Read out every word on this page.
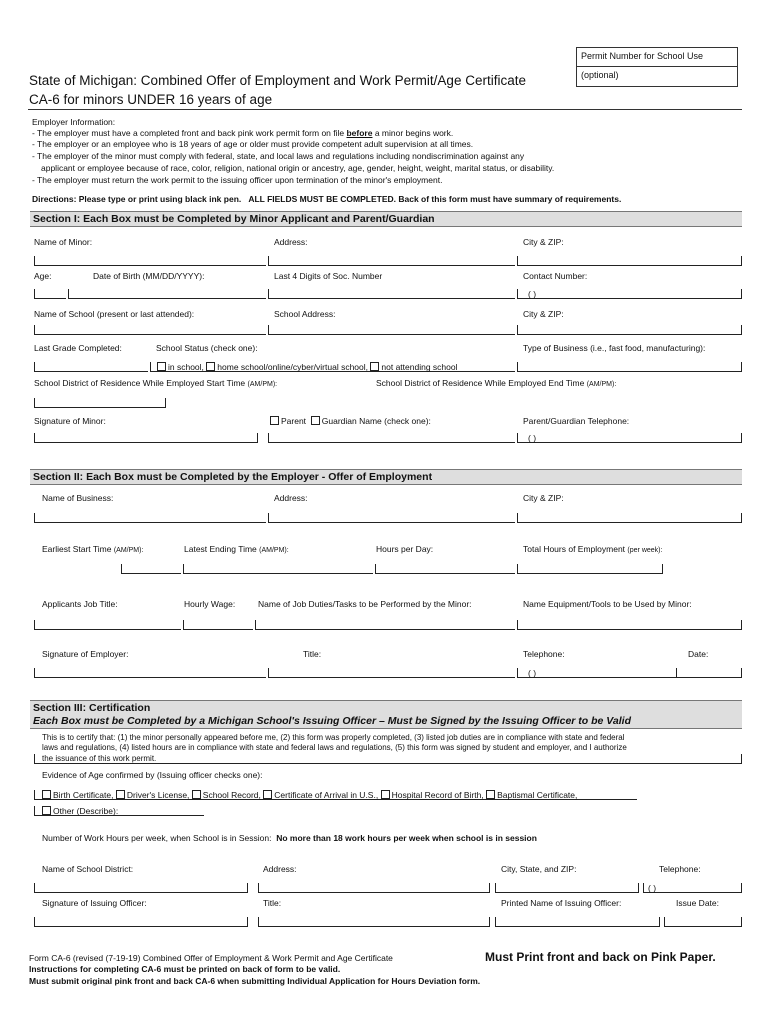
Permit Number for School Use
(optional)
State of Michigan: Combined Offer of Employment and Work Permit/Age Certificate
CA-6 for minors UNDER 16 years of age
Employer Information:
- The employer must have a completed front and back pink work permit form on file before a minor begins work.
- The employer or an employee who is 18 years of age or older must provide competent adult supervision at all times.
- The employer of the minor must comply with federal, state, and local laws and regulations including nondiscrimination against any
applicant or employee because of race, color, religion, national origin or ancestry, age, gender, height, weight, marital status, or disability.
- The employer must return the work permit to the issuing officer upon termination of the minor's employment.
Directions: Please type or print using black ink pen. ALL FIELDS MUST BE COMPLETED. Back of this form must have summary of requirements.
Section I: Each Box must be Completed by Minor Applicant and Parent/Guardian
Name of Minor:	Address:	City & ZIP:
Age:	Date of Birth (MM/DD/YYYY):	Last 4 Digits of Soc. Number	Contact Number:
( )
Name of School (present or last attended):	School Address:	City & ZIP:
Last Grade Completed:	School Status (check one):	Type of Business (i.e., fast food, manufacturing):
in school, home school/online/cyber/virtual school, not attending school
School District of Residence While Employed Start Time (AM/PM):	School District of Residence While Employed End Time (AM/PM):
Signature of Minor:	Parent Guardian Name (check one):	Parent/Guardian Telephone:
( )
Section II: Each Box must be Completed by the Employer - Offer of Employment
Name of Business:	Address:	City & ZIP:
Earliest Start Time (AM/PM):	Latest Ending Time (AM/PM):	Hours per Day:	Total Hours of Employment (per week):
Applicants Job Title:	Hourly Wage:	Name of Job Duties/Tasks to be Performed by the Minor:	Name Equipment/Tools to be Used by Minor:
Signature of Employer:	Title:	Telephone:	Date:
( )
Section III: Certification
Each Box must be Completed by a Michigan School's Issuing Officer – Must be Signed by the Issuing Officer to be Valid
This is to certify that: (1) the minor personally appeared before me, (2) this form was properly completed, (3) listed job duties are in compliance with state and federal
laws and regulations, (4) listed hours are in compliance with state and federal laws and regulations, (5) this form was signed by student and employer, and I authorize
the issuance of this work permit.
Evidence of Age confirmed by (Issuing officer checks one):
Birth Certificate, Driver's License, School Record, Certificate of Arrival in U.S., Hospital Record of Birth, Baptismal Certificate,
Other (Describe):
Number of Work Hours per week, when School is in Session: No more than 18 work hours per week when school is in session
Name of School District:	Address:	City, State, and ZIP:	Telephone:
( )
Signature of Issuing Officer:	Title:	Printed Name of Issuing Officer:	Issue Date:
Form CA-6 (revised (7-19-19) Combined Offer of Employment & Work Permit and Age Certificate	Must Print front and back on Pink Paper.
Instructions for completing CA-6 must be printed on back of form to be valid.
Must submit original pink front and back CA-6 when submitting Individual Application for Hours Deviation form.
